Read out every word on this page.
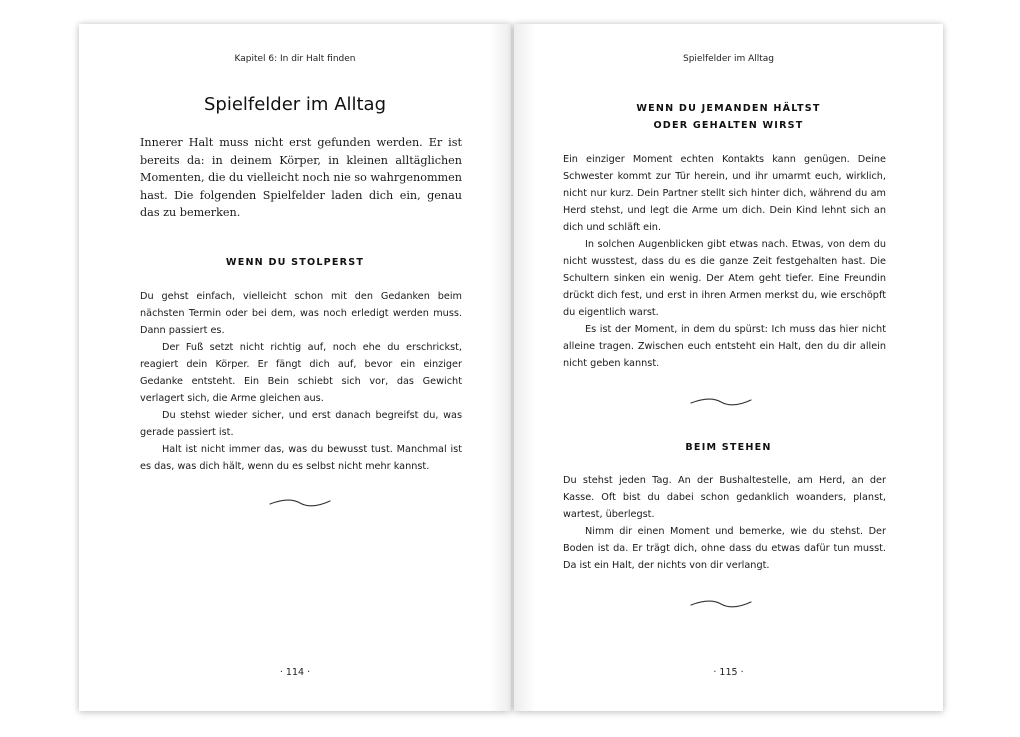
Kapitel 6: In dir Halt finden
Spielfelder im Alltag

Innerer Halt muss nicht erst gefunden werden. Er ist bereits da: in deinem Körper, in kleinen alltäglichen Momenten, die du vielleicht noch nie so wahrgenommen hast. Die folgenden Spielfelder laden dich ein, genau das zu bemerken.

WENN DU STOLPERST

Du gehst einfach, vielleicht schon mit den Gedanken beim nächsten Termin oder bei dem, was noch erledigt werden muss. Dann passiert es.

Der Fuß setzt nicht richtig auf, noch ehe du erschrickst, reagiert dein Körper. Er fängt dich auf, bevor ein einziger Gedanke entsteht. Ein Bein schiebt sich vor, das Gewicht verlagert sich, die Arme gleichen aus.

Du stehst wieder sicher, und erst danach begreifst du, was gerade passiert ist.

Halt ist nicht immer das, was du bewusst tust. Manchmal ist es das, was dich hält, wenn du es selbst nicht mehr kannst.

· 114 ·
Spielfelder im Alltag
WENN DU JEMANDEN HÄLTST
ODER GEHALTEN WIRST

Ein einziger Moment echten Kontakts kann genügen. Deine Schwester kommt zur Tür herein, und ihr umarmt euch, wirklich, nicht nur kurz. Dein Partner stellt sich hinter dich, während du am Herd stehst, und legt die Arme um dich. Dein Kind lehnt sich an dich und schläft ein.

In solchen Augenblicken gibt etwas nach. Etwas, von dem du nicht wusstest, dass du es die ganze Zeit festgehalten hast. Die Schultern sinken ein wenig. Der Atem geht tiefer. Eine Freundin drückt dich fest, und erst in ihren Armen merkst du, wie erschöpft du eigentlich warst.

Es ist der Moment, in dem du spürst: Ich muss das hier nicht alleine tragen. Zwischen euch entsteht ein Halt, den du dir allein nicht geben kannst.

BEIM STEHEN

Du stehst jeden Tag. An der Bushaltestelle, am Herd, an der Kasse. Oft bist du dabei schon gedanklich woanders, planst, wartest, überlegst.

Nimm dir einen Moment und bemerke, wie du stehst. Der Boden ist da. Er trägt dich, ohne dass du etwas dafür tun musst. Da ist ein Halt, der nichts von dir verlangt.

· 115 ·
